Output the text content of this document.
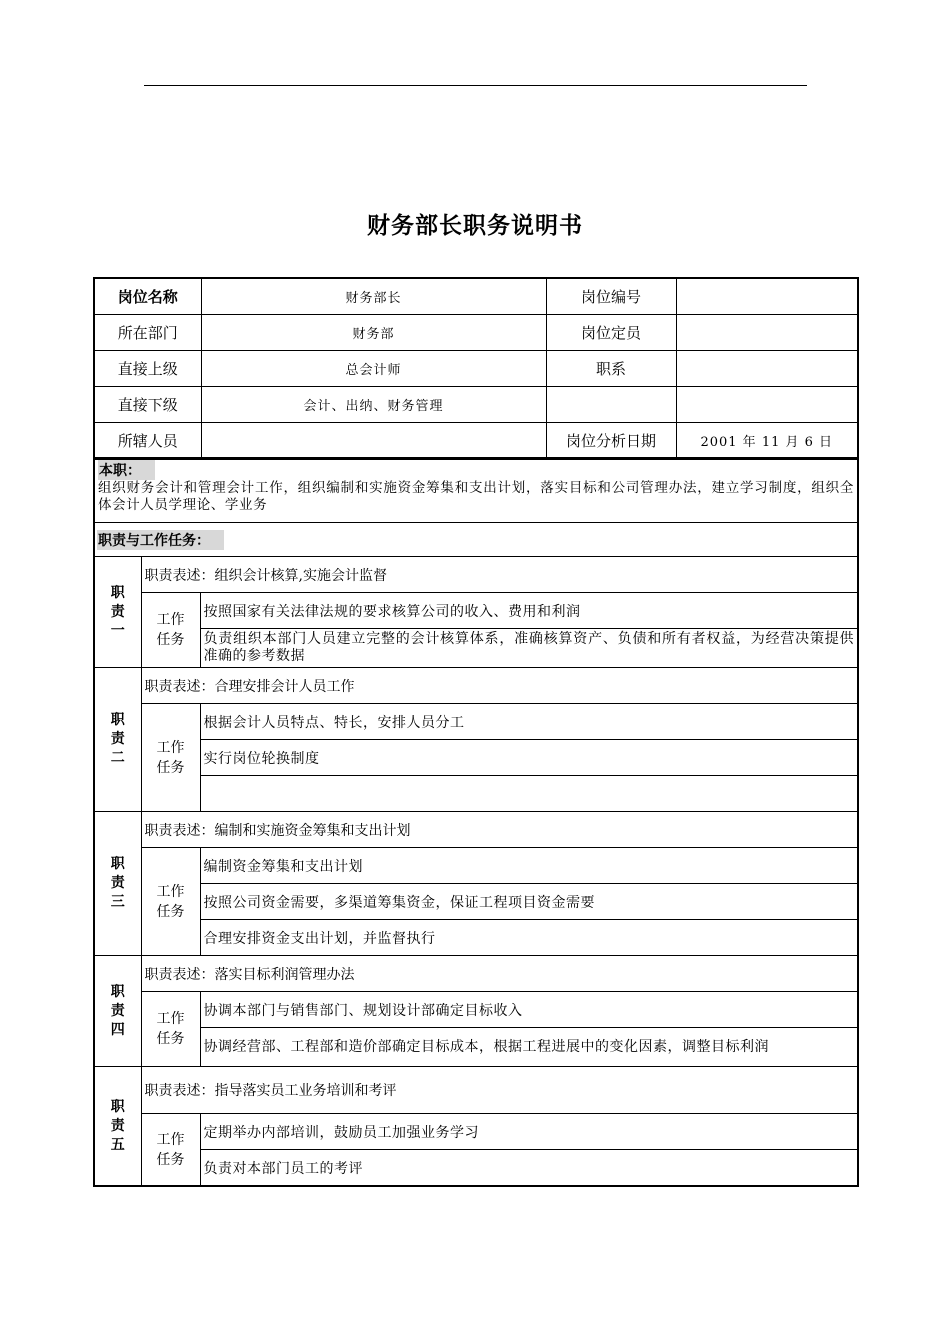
财务部长职务说明书
岗位名称	财务部长	岗位编号	
所在部门	财务部	岗位定员	
直接上级	总会计师	职系	
直接下级	会计、出纳、财务管理		
所辖人员		岗位分析日期	2001 年 11 月 6 日
本职：
组织财务会计和管理会计工作，组织编制和实施资金筹集和支出计划，落实目标和公司管理办法，建立学习制度，组织全体会计人员学理论、学业务		

职责与工作任务：		

职
责
一	职责表述：组织会计核算,实施会计监督	

	工作
任务	按照国家有关法律法规的要求核算公司的收入、费用和利润
		负责组织本部门人员建立完整的会计核算体系，准确核算资产、负债和所有者权益，为经营决策提供准确的参考数据

职
责
二	职责表述：合理安排会计人员工作	

	工作
任务	根据会计人员特点、特长，安排人员分工
		实行岗位轮换制度

职
责
三	职责表述：编制和实施资金筹集和支出计划	

	工作
任务	编制资金筹集和支出计划
		按照公司资金需要，多渠道筹集资金，保证工程项目资金需要
		合理安排资金支出计划，并监督执行

职
责
四	职责表述：落实目标利润管理办法	

	工作
任务	协调本部门与销售部门、规划设计部确定目标收入
		协调经营部、工程部和造价部确定目标成本，根据工程进展中的变化因素，调整目标利润

职
责
五	职责表述：指导落实员工业务培训和考评	

	工作
任务	定期举办内部培训，鼓励员工加强业务学习
		负责对本部门员工的考评
